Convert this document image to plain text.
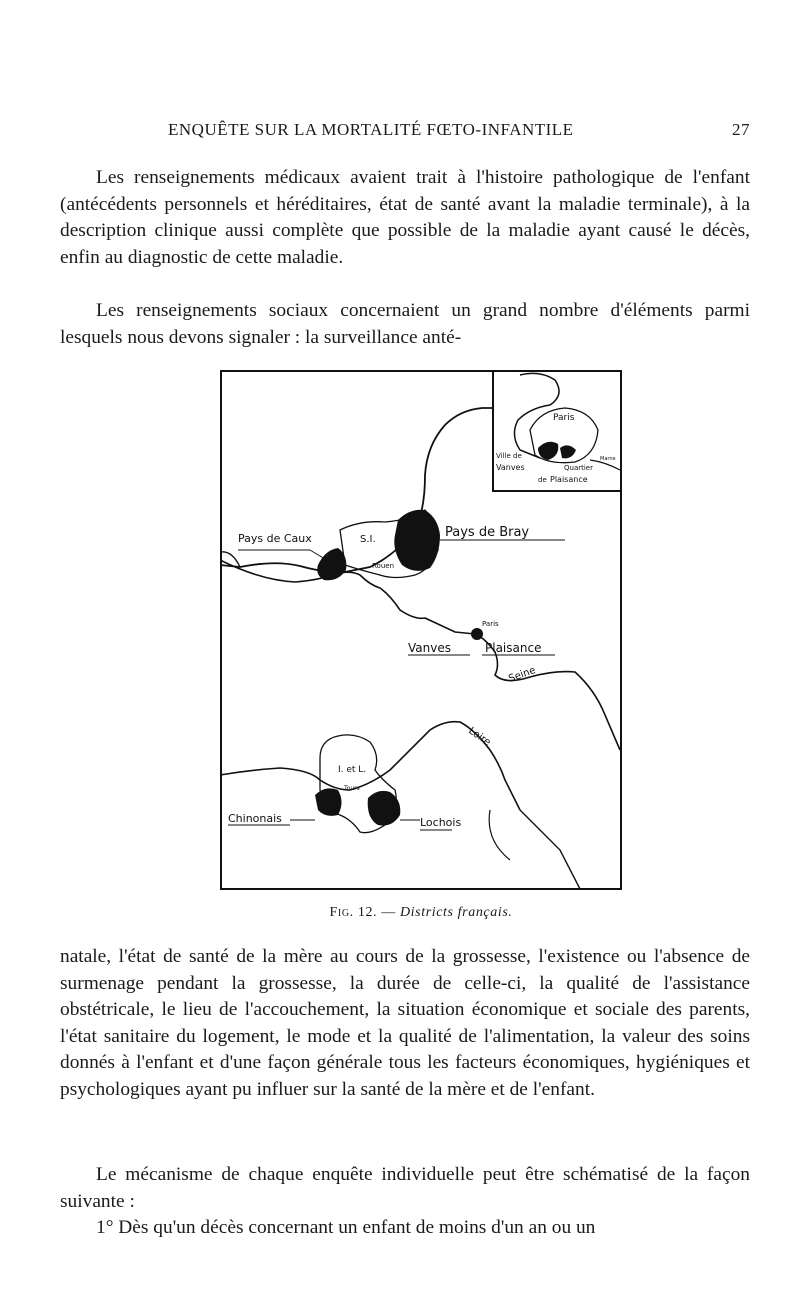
ENQUÊTE SUR LA MORTALITÉ FŒTO-INFANTILE	27

Les renseignements médicaux avaient trait à l'histoire pathologique de l'enfant (antécédents personnels et héréditaires, état de santé avant la maladie terminale), à la description clinique aussi complète que possible de la maladie ayant causé le décès, enfin au diagnostic de cette maladie.

Les renseignements sociaux concernaient un grand nombre d'éléments parmi lesquels nous devons signaler : la surveillance anté-

Paris
Ville de
Vanves	Quartier
de Plaisance
Marne
Pays de Caux	S.I.	Pays de Bray
Rouen
Paris
Vanves	Plaisance
Seine
Loire
I. et L.
Tours
Chinonais	Lochois
Fig. 12. — Districts français.

natale, l'état de santé de la mère au cours de la grossesse, l'existence ou l'absence de surmenage pendant la grossesse, la durée de celle-ci, la qualité de l'assistance obstétricale, le lieu de l'accouchement, la situation économique et sociale des parents, l'état sanitaire du logement, le mode et la qualité de l'alimentation, la valeur des soins donnés à l'enfant et d'une façon générale tous les facteurs économiques, hygiéniques et psychologiques ayant pu influer sur la santé de la mère et de l'enfant.

Le mécanisme de chaque enquête individuelle peut être schématisé de la façon suivante :

1° Dès qu'un décès concernant un enfant de moins d'un an ou un
